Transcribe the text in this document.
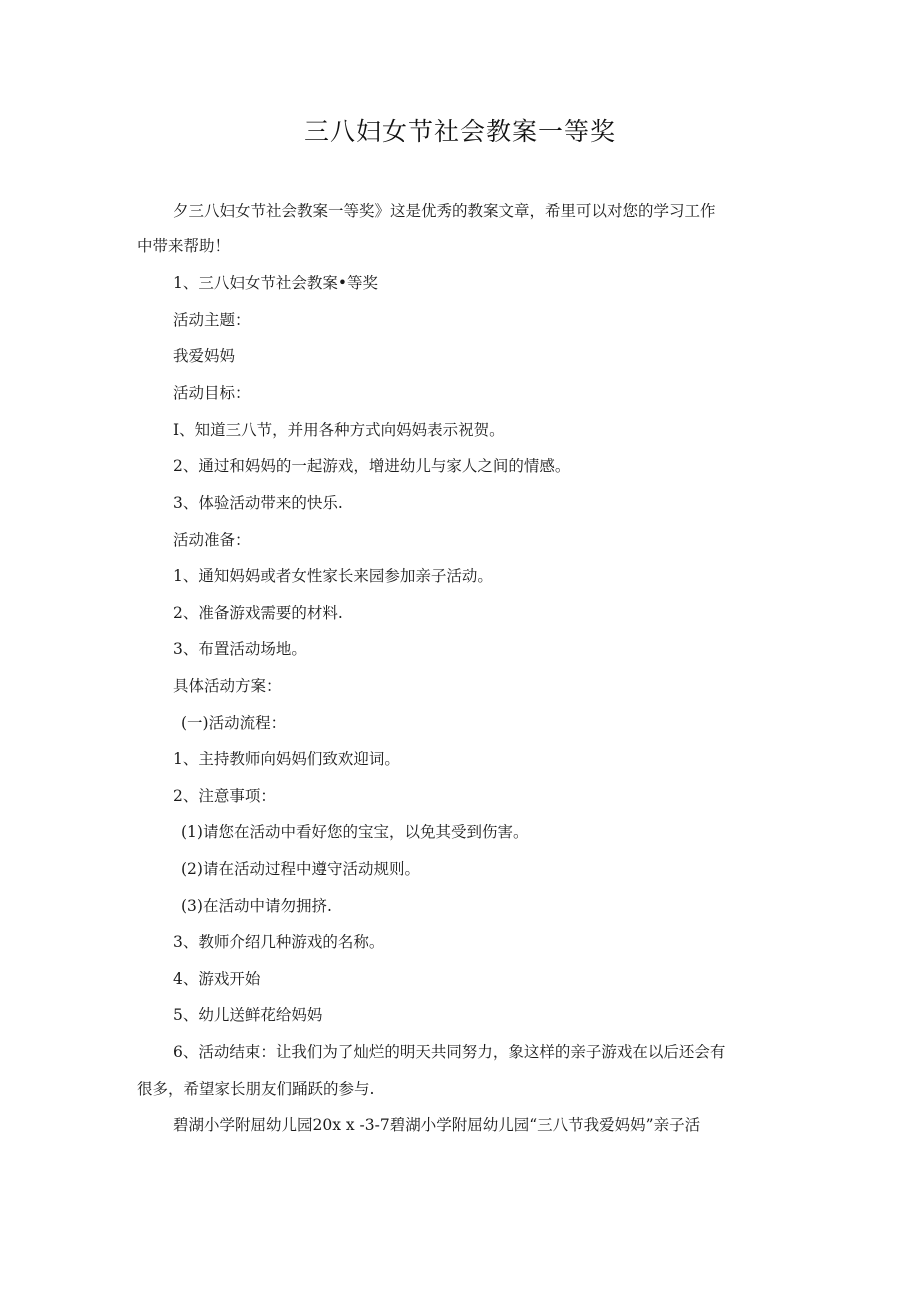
三八妇女节社会教案一等奖
夕三八妇女节社会教案一等奖》这是优秀的教案文章，希里可以对您的学习工作
中带来帮助！
1、三八妇女节社会教案•等奖
活动主题：
我爱妈妈
活动目标：
I、知道三八节，并用各种方式向妈妈表示祝贺。
2、通过和妈妈的一起游戏，增进幼儿与家人之间的情感。
3、体验活动带来的快乐.
活动准备：
1、通知妈妈或者女性家长来园参加亲子活动。
2、准备游戏需要的材料.
3、布置活动场地。
具体活动方案：
(一)活动流程：
1、主持教师向妈妈们致欢迎词。
2、注意事项：
(1)请您在活动中看好您的宝宝，以免其受到伤害。
(2)请在活动过程中遵守活动规则。
(3)在活动中请勿拥挤.
3、教师介绍几种游戏的名称。
4、游戏开始
5、幼儿送鲜花给妈妈
6、活动结束：让我们为了灿烂的明天共同努力，象这样的亲子游戏在以后还会有
很多，希望家长朋友们踊跃的参与.
碧湖小学附屈幼儿园20x x -3-7碧湖小学附屈幼儿园“三八节我爱妈妈”亲子活
